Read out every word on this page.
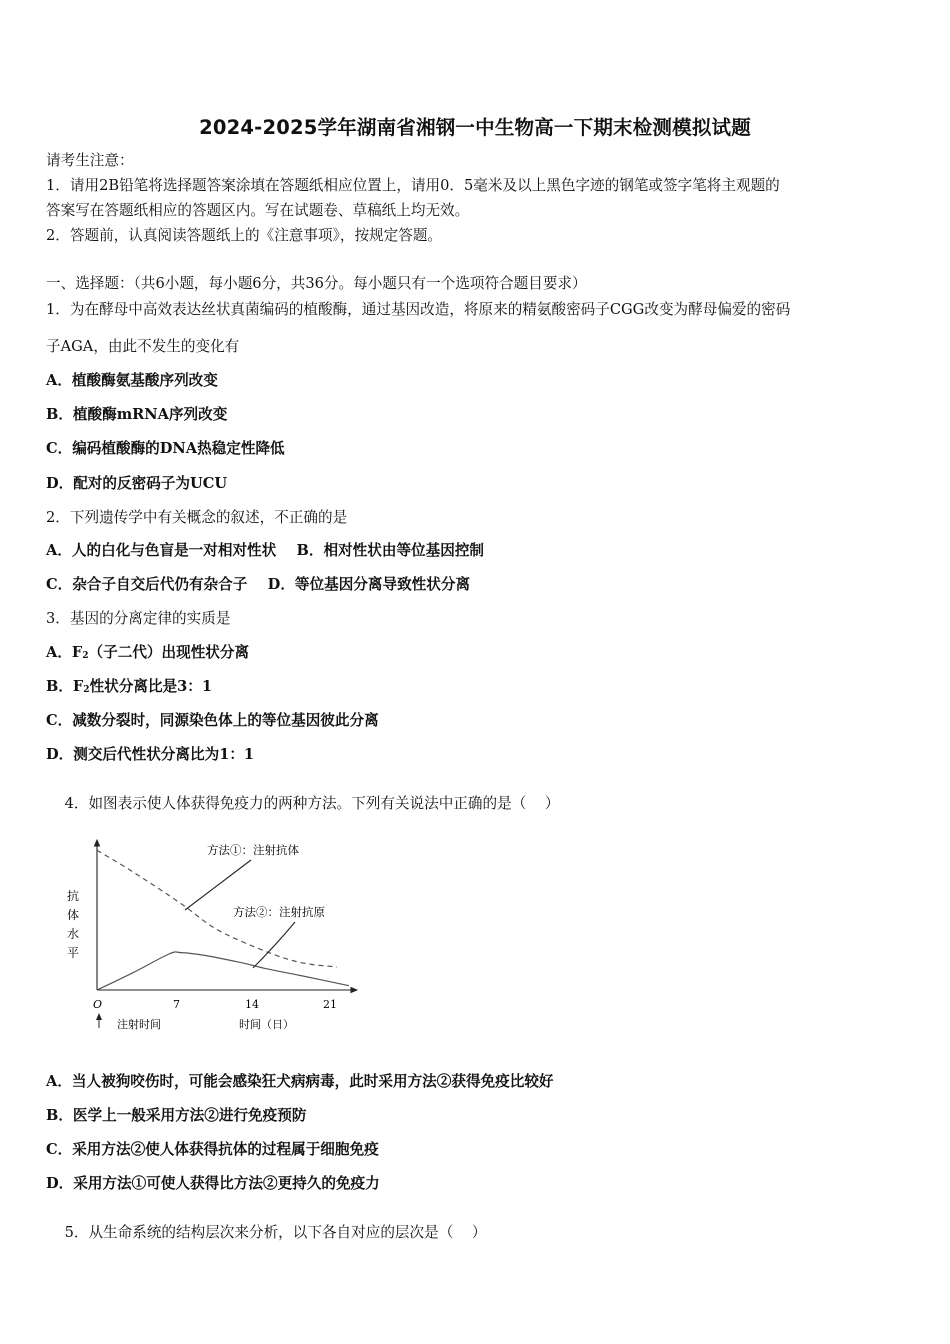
2024-2025学年湖南省湘钢一中生物高一下期末检测模拟试题
请考生注意：
1．请用2B铅笔将选择题答案涂填在答题纸相应位置上，请用0．5毫米及以上黑色字迹的钢笔或签字笔将主观题的
答案写在答题纸相应的答题区内。写在试题卷、草稿纸上均无效。
2．答题前，认真阅读答题纸上的《注意事项》，按规定答题。
一、选择题：（共6小题，每小题6分，共36分。每小题只有一个选项符合题目要求）
1．为在酵母中高效表达丝状真菌编码的植酸酶，通过基因改造，将原来的精氨酸密码子CGG改变为酵母偏爱的密码
子AGA，由此不发生的变化有
A．植酸酶氨基酸序列改变
B．植酸酶mRNA序列改变
C．编码植酸酶的DNA热稳定性降低
D．配对的反密码子为UCU
2．下列遗传学中有关概念的叙述，不正确的是
A．人的白化与色盲是一对相对性状    B．相对性状由等位基因控制
C．杂合子自交后代仍有杂合子    D．等位基因分离导致性状分离
3．基因的分离定律的实质是
A．$F_2$（子二代）出现性状分离
B．$F_2$性状分离比是3：1
C．减数分裂时，同源染色体上的等位基因彼此分离
D．测交后代性状分离比为1：1

4．如图表示使人体获得免疫力的两种方法。下列有关说法中正确的是（    ）

抗
体
水
平
O	7	14	21
注射时间	时间（日）
方法①：注射抗体
方法②：注射抗原
A．当人被狗咬伤时，可能会感染狂犬病病毒，此时采用方法②获得免疫比较好
B．医学上一般采用方法②进行免疫预防
C．采用方法②使人体获得抗体的过程属于细胞免疫
D．采用方法①可使人获得比方法②更持久的免疫力

5．从生命系统的结构层次来分析，以下各自对应的层次是（    ）
